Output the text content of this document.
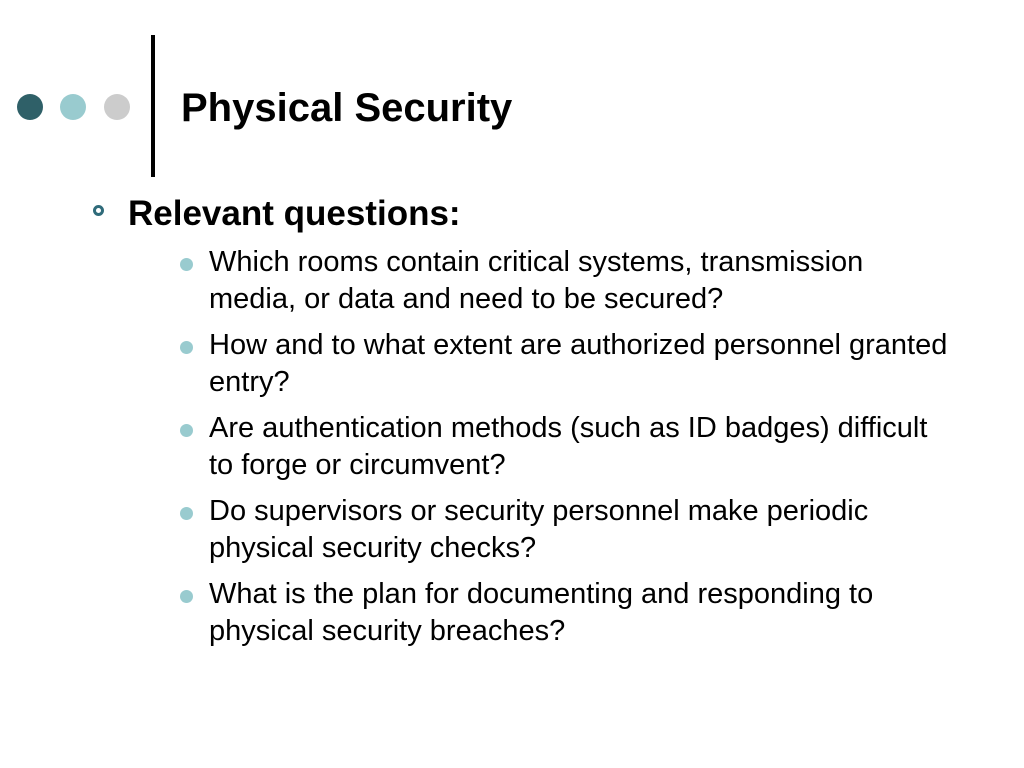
Physical Security
Relevant questions:
Which rooms contain critical systems, transmission media, or data and need to be secured?
How and to what extent are authorized personnel granted entry?
Are authentication methods (such as ID badges) difficult to forge or circumvent?
Do supervisors or security personnel make periodic physical security checks?
What is the plan for documenting and responding to physical security breaches?
